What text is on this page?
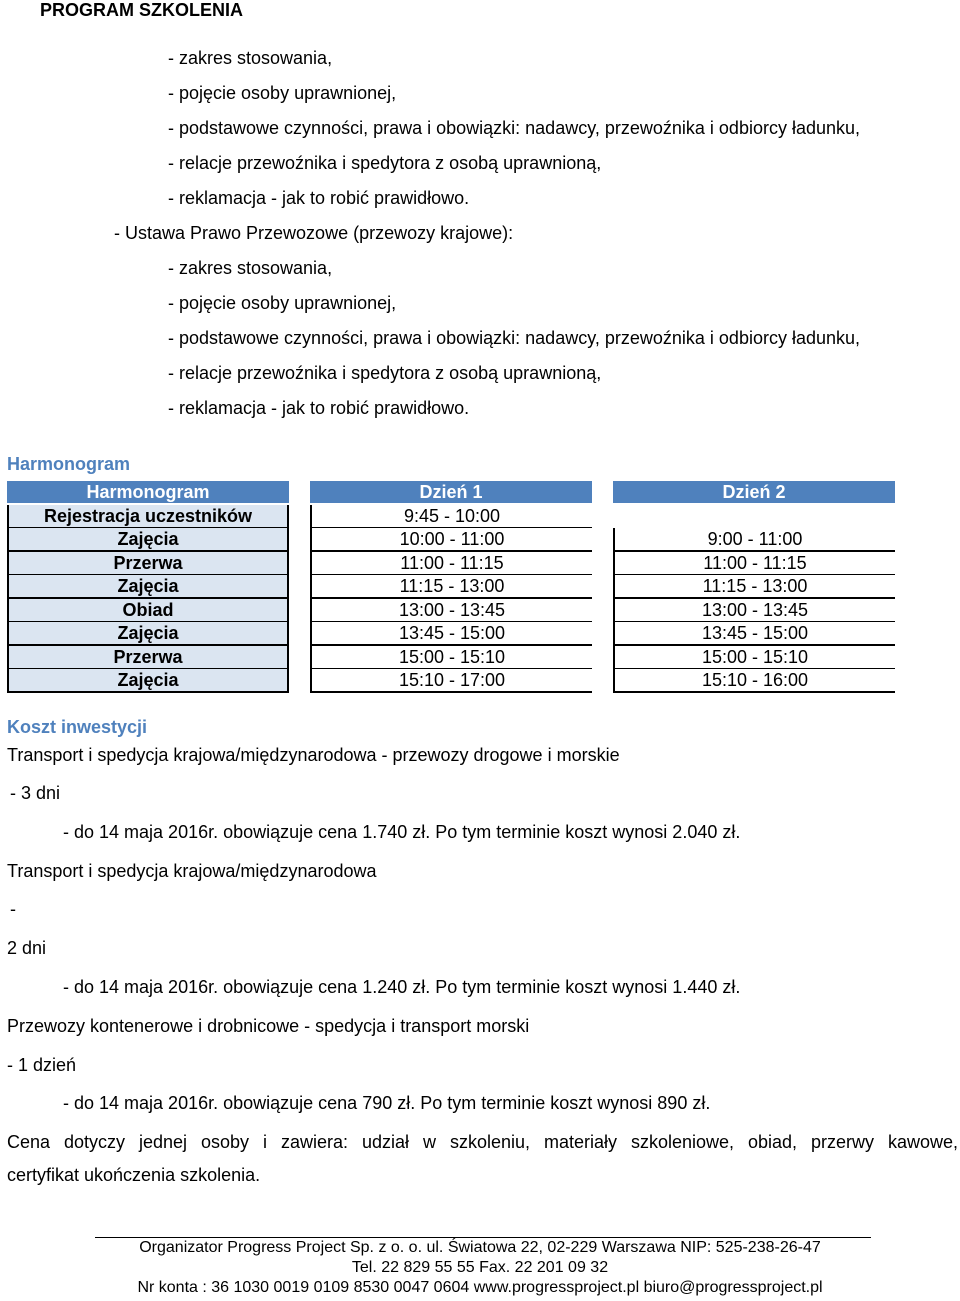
PROGRAM SZKOLENIA
- zakres stosowania,
- pojęcie osoby uprawnionej,
- podstawowe czynności, prawa i obowiązki: nadawcy, przewoźnika i odbiorcy ładunku,
- relacje przewoźnika i spedytora z osobą uprawnioną,
- reklamacja - jak to robić prawidłowo.
- Ustawa Prawo Przewozowe (przewozy krajowe):
- zakres stosowania,
- pojęcie osoby uprawnionej,
- podstawowe czynności, prawa i obowiązki: nadawcy, przewoźnika i odbiorcy ładunku,
- relacje przewoźnika i spedytora z osobą uprawnioną,
- reklamacja - jak to robić prawidłowo.
Harmonogram
Harmonogram	Dzień 1	Dzień 2
Rejestracja uczestników	9:45 - 10:00
Zajęcia	10:00 - 11:00	9:00 - 11:00
Przerwa	11:00 - 11:15	11:00 - 11:15
Zajęcia	11:15 - 13:00	11:15 - 13:00
Obiad	13:00 - 13:45	13:00 - 13:45
Zajęcia	13:45 - 15:00	13:45 - 15:00
Przerwa	15:00 - 15:10	15:00 - 15:10
Zajęcia	15:10 - 17:00	15:10 - 16:00
Koszt inwestycji
Transport i spedycja krajowa/międzynarodowa - przewozy drogowe i morskie
- 3 dni
- do 14 maja 2016r. obowiązuje cena 1.740 zł. Po tym terminie koszt wynosi 2.040 zł.
Transport i spedycja krajowa/międzynarodowa
-
2 dni
- do 14 maja 2016r. obowiązuje cena 1.240 zł. Po tym terminie koszt wynosi 1.440 zł.
Przewozy kontenerowe i drobnicowe - spedycja i transport morski
- 1 dzień
- do 14 maja 2016r. obowiązuje cena 790 zł. Po tym terminie koszt wynosi 890 zł.
Cena dotyczy jednej osoby i zawiera: udział w szkoleniu, materiały szkoleniowe, obiad, przerwy kawowe,
certyfikat ukończenia szkolenia.
Organizator Progress Project Sp. z o. o. ul. Światowa 22, 02-229 Warszawa NIP: 525-238-26-47
Tel. 22 829 55 55 Fax. 22 201 09 32
Nr konta : 36 1030 0019 0109 8530 0047 0604 www.progressproject.pl biuro@progressproject.pl
